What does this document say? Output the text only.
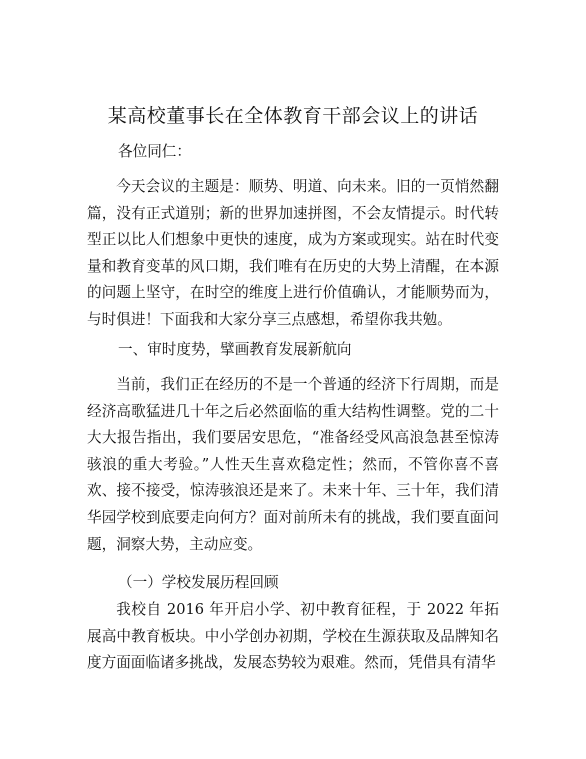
某高校董事长在全体教育干部会议上的讲话
各位同仁：
今天会议的主题是：顺势、明道、向未来。旧的一页悄然翻篇，没有正式道别；新的世界加速拼图，不会友情提示。时代转型正以比人们想象中更快的速度，成为方案或现实。站在时代变量和教育变革的风口期，我们唯有在历史的大势上清醒，在本源的问题上坚守，在时空的维度上进行价值确认，才能顺势而为，与时俱进！下面我和大家分享三点感想，希望你我共勉。
一、审时度势，擘画教育发展新航向
当前，我们正在经历的不是一个普通的经济下行周期，而是经济高歌猛进几十年之后必然面临的重大结构性调整。党的二十大大报告指出，我们要居安思危，“准备经受风高浪急甚至惊涛骇浪的重大考验。”人性天生喜欢稳定性；然而，不管你喜不喜欢、接不接受，惊涛骇浪还是来了。未来十年、三十年，我们清华园学校到底要走向何方？面对前所未有的挑战，我们要直面问题，洞察大势，主动应变。
（一）学校发展历程回顾
我校自 2016 年开启小学、初中教育征程，于 2022 年拓展高中教育板块。中小学创办初期，学校在生源获取及品牌知名度方面面临诸多挑战，发展态势较为艰难。然而，凭借具有清华
